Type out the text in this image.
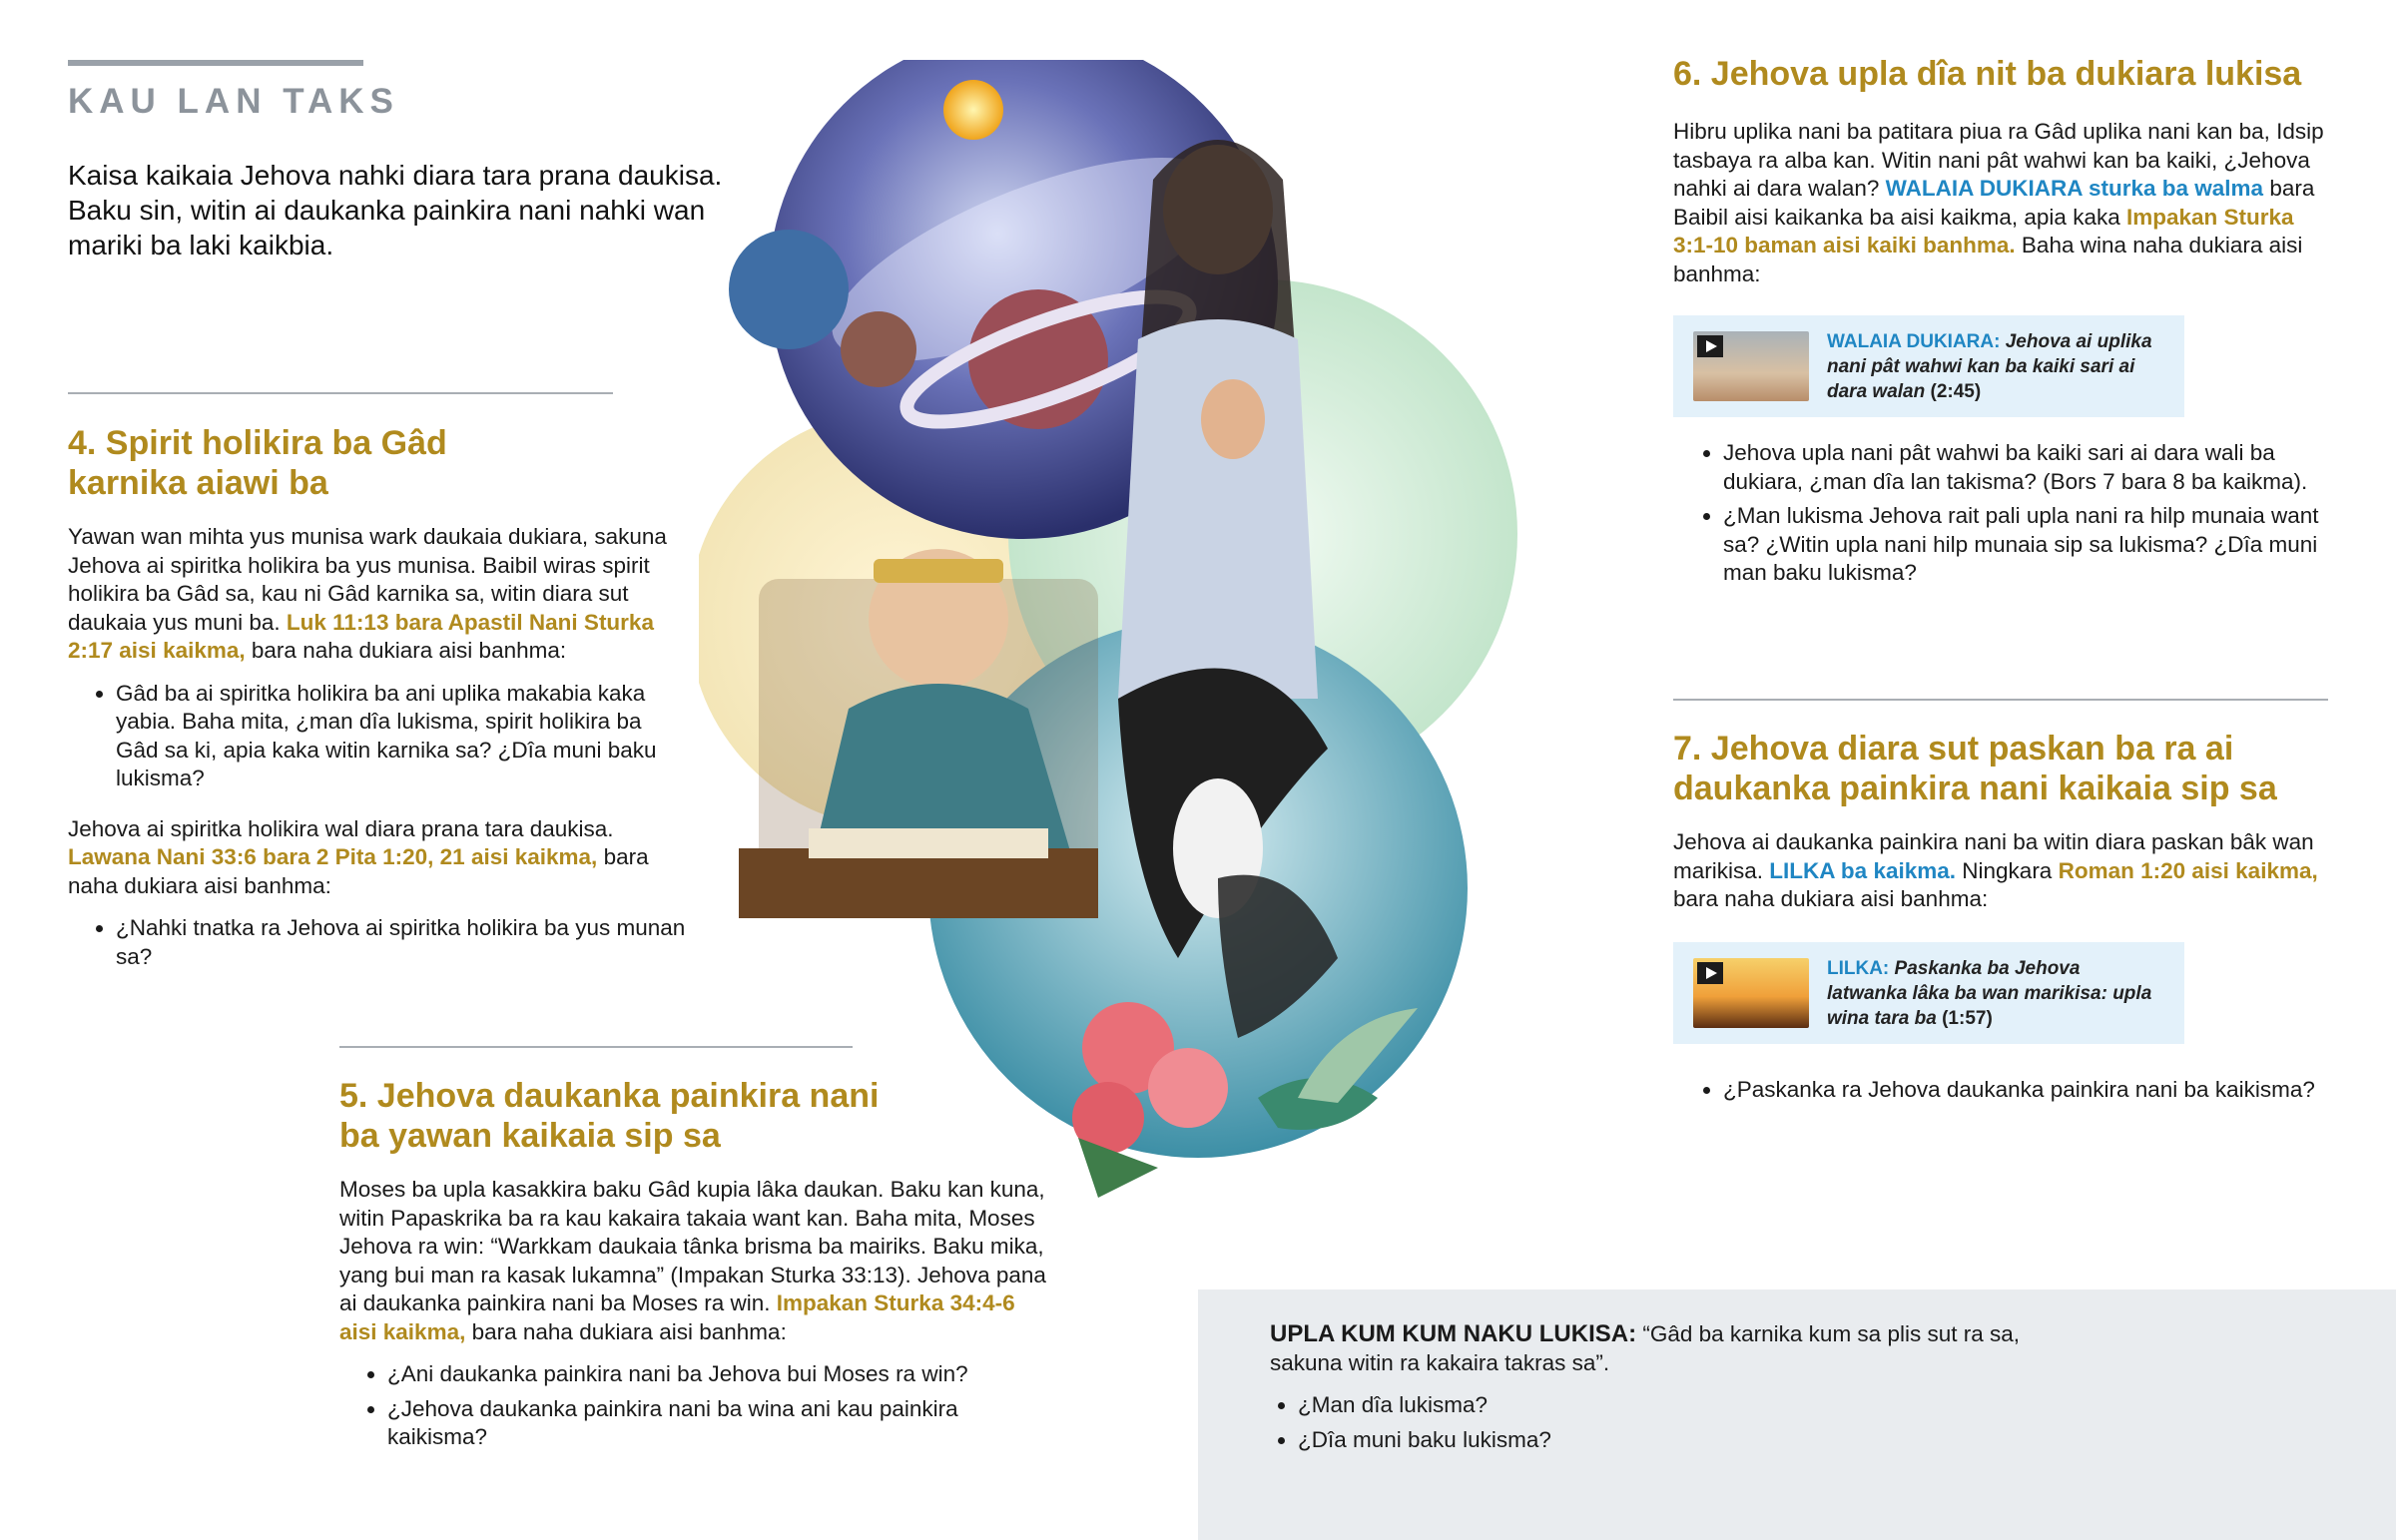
KAU LAN TAKS
Kaisa kaikaia Jehova nahki diara tara prana daukisa. Baku sin, witin ai daukanka painkira nani nahki wan mariki ba laki kaikbia.
4. Spirit holikira ba Gâd karnika aiawi ba
Yawan wan mihta yus munisa wark daukaia dukiara, sakuna Jehova ai spiritka holikira ba yus munisa. Baibil wiras spirit holikira ba Gâd sa, kau ni Gâd karnika sa, witin diara sut daukaia yus muni ba. Luk 11:13 bara Apastil Nani Sturka 2:17 aisi kaikma, bara naha dukiara aisi banhma:
• Gâd ba ai spiritka holikira ba ani uplika makabia kaka yabia. Baha mita, ¿man dîa lukisma, spirit holikira ba Gâd sa ki, apia kaka witin karnika sa? ¿Dîa muni baku lukisma?
Jehova ai spiritka holikira wal diara prana tara daukisa. Lawana Nani 33:6 bara 2 Pita 1:20, 21 aisi kaikma, bara naha dukiara aisi banhma:
• ¿Nahki tnatka ra Jehova ai spiritka holikira ba yus munan sa?
5. Jehova daukanka painkira nani ba yawan kaikaia sip sa
Moses ba upla kasakkira baku Gâd kupia lâka daukan. Baku kan kuna, witin Papaskrika ba ra kau kakaira takaia want kan. Baha mita, Moses Jehova ra win: “Warkkam daukaia tânka brisma ba mairiks. Baku mika, yang bui man ra kasak lukamna” (Impakan Sturka 33:13). Jehova pana ai daukanka painkira nani ba Moses ra win. Impakan Sturka 34:4-6 aisi kaikma, bara naha dukiara aisi banhma:
• ¿Ani daukanka painkira nani ba Jehova bui Moses ra win?
• ¿Jehova daukanka painkira nani ba wina ani kau painkira kaikisma?
6. Jehova upla dîa nit ba dukiara lukisa
Hibru uplika nani ba patitara piua ra Gâd uplika nani kan ba, Idsip tasbaya ra alba kan. Witin nani pât wahwi kan ba kaiki, ¿Jehova nahki ai dara walan? WALAIA DUKIARA sturka ba walma bara Baibil aisi kaikanka ba aisi kaikma, apia kaka Impakan Sturka 3:1-10 baman aisi kaiki banhma. Baha wina naha dukiara aisi banhma:
WALAIA DUKIARA: Jehova ai uplika nani pât wahwi kan ba kaiki sari ai dara walan (2:45)
• Jehova upla nani pât wahwi ba kaiki sari ai dara wali ba dukiara, ¿man dîa lan takisma? (Bors 7 bara 8 ba kaikma).
• ¿Man lukisma Jehova rait pali upla nani ra hilp munaia want sa? ¿Witin upla nani hilp munaia sip sa lukisma? ¿Dîa muni man baku lukisma?
7. Jehova diara sut paskan ba ra ai daukanka painkira nani kaikaia sip sa
Jehova ai daukanka painkira nani ba witin diara paskan bâk wan marikisa. LILKA ba kaikma. Ningkara Roman 1:20 aisi kaikma, bara naha dukiara aisi banhma:
LILKA: Paskanka ba Jehova latwanka lâka ba wan marikisa: upla wina tara ba (1:57)
• ¿Paskanka ra Jehova daukanka painkira nani ba kaikisma?
UPLA KUM KUM NAKU LUKISA: “Gâd ba karnika kum sa plis sut ra sa, sakuna witin ra kakaira takras sa”.
• ¿Man dîa lukisma?
• ¿Dîa muni baku lukisma?
